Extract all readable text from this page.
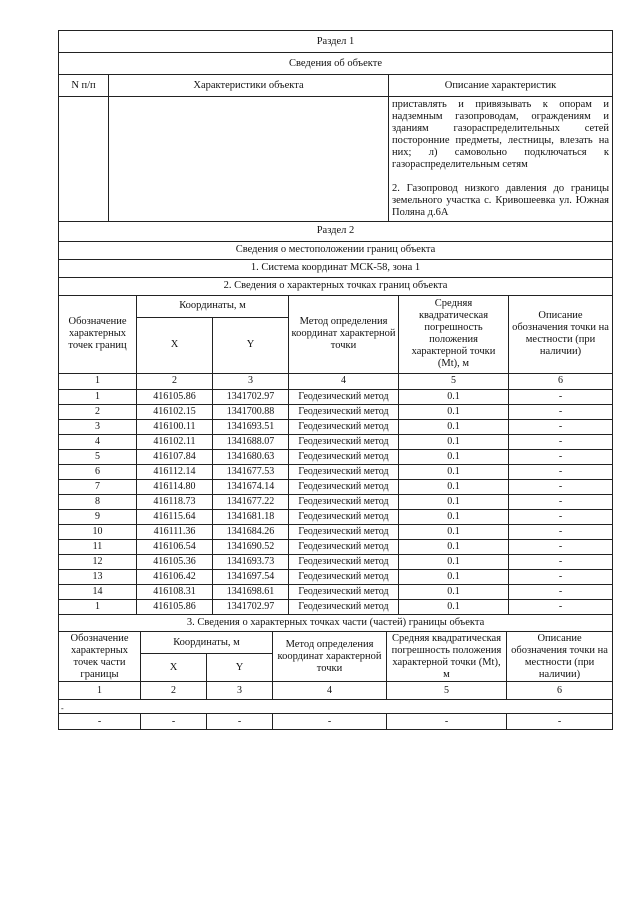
Раздел 1		
Сведения об объекте		
N п/п	Характеристики объекта	Описание характеристик

		приставлять и привязывать к опорам и надземным газопроводам, ограждениям и зданиям газораспределительных сетей посторонние предметы, лестницы, влезать на них; л) самовольно подключаться к газораспределительным сетям

2. Газопровод низкого давления до границы земельного участка с. Кривошеевка ул. Южная Поляна д.6А

Раздел 2					
Сведения о местоположении границ объекта					
1. Система координат МСК-58, зона 1					
2. Сведения о характерных точках границ объекта					
Обозначение характерных точек границ	Координаты, м		Метод определения координат характерной точки	Средняя квадратическая погрешность положения характерной точки (Mt), м	Описание обозначения точки на местности (при наличии)
	X	Y			
1	2	3	4	5	6
1	416105.86	1341702.97	Геодезический метод	0.1	-
2	416102.15	1341700.88	Геодезический метод	0.1	-
3	416100.11	1341693.51	Геодезический метод	0.1	-
4	416102.11	1341688.07	Геодезический метод	0.1	-
5	416107.84	1341680.63	Геодезический метод	0.1	-
6	416112.14	1341677.53	Геодезический метод	0.1	-
7	416114.80	1341674.14	Геодезический метод	0.1	-
8	416118.73	1341677.22	Геодезический метод	0.1	-
9	416115.64	1341681.18	Геодезический метод	0.1	-
10	416111.36	1341684.26	Геодезический метод	0.1	-
11	416106.54	1341690.52	Геодезический метод	0.1	-
12	416105.36	1341693.73	Геодезический метод	0.1	-
13	416106.42	1341697.54	Геодезический метод	0.1	-
14	416108.31	1341698.61	Геодезический метод	0.1	-
1	416105.86	1341702.97	Геодезический метод	0.1	-
3. Сведения о характерных точках части (частей) границы объекта					
Обозначение характерных точек части границы	Координаты, м		Метод определения координат характерной точки	Средняя квадратическая погрешность положения характерной точки (Mt), м	Описание обозначения точки на местности (при наличии)
	X	Y			
1	2	3	4	5	6
-					
-	-	-	-	-	-
